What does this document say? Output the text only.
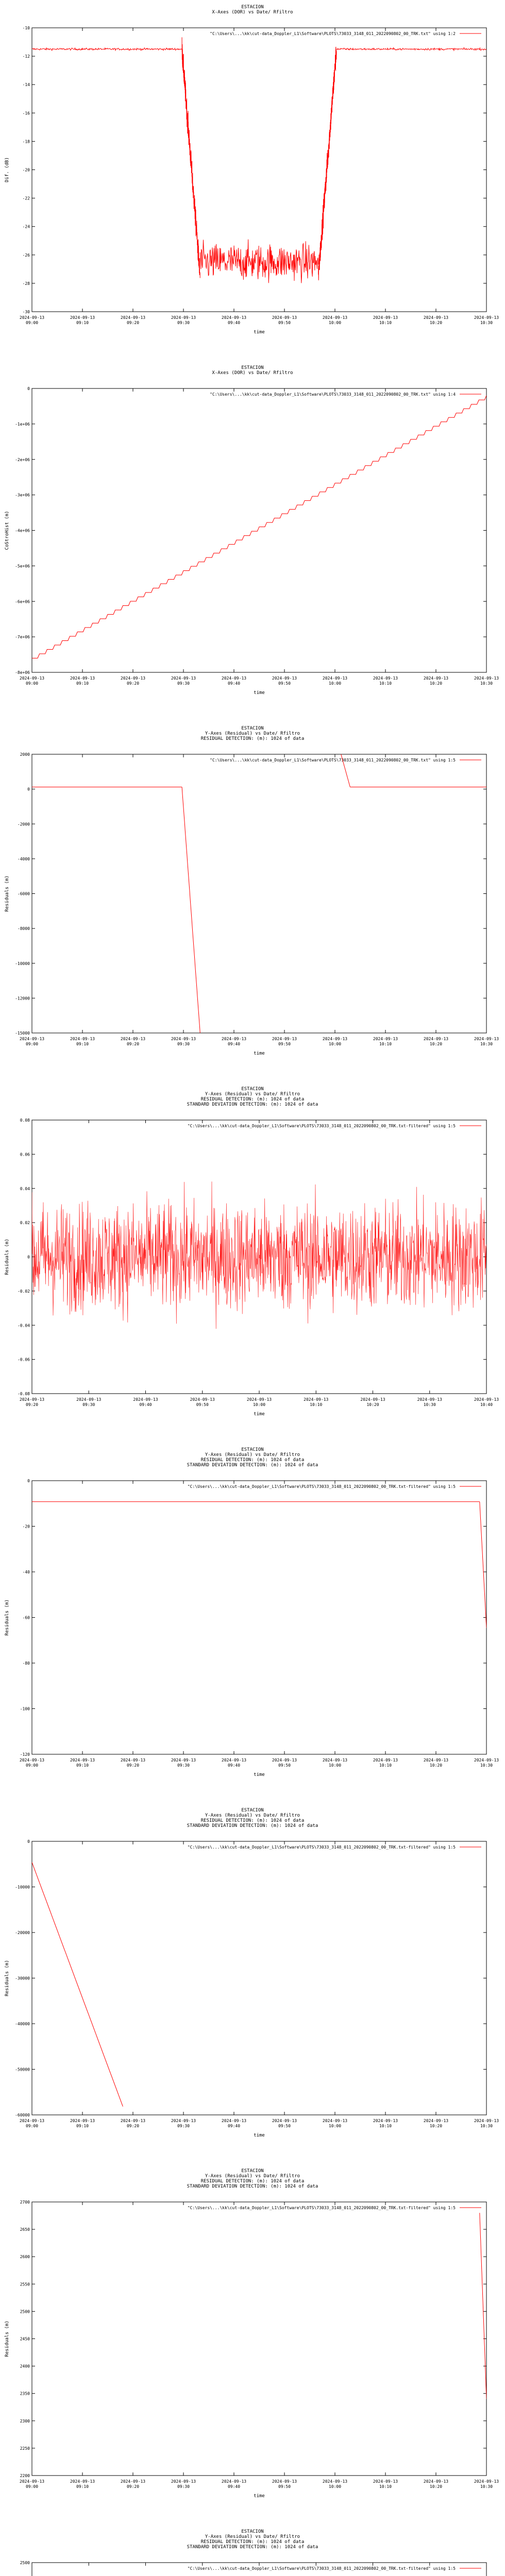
ESTACION
X-Axes (DOR) vs Date/ Rfiltro
-30
-28
-26
-24
-22
-20
-18
-16
-14
-12
-10
2024-09-13
09:00
2024-09-13
09:10
2024-09-13
09:20
2024-09-13
09:30
2024-09-13
09:40
2024-09-13
09:50
2024-09-13
10:00
2024-09-13
10:10
2024-09-13
10:20
2024-09-13
10:30
time
Dif. (dB)
"C:\Users\...\kk\cut-data_Doppler_L1\Software\PLOTS\73033_3148_011_2022090802_00_TRK.txt" using 1:2
ESTACION
X-Axes (DOR) vs Date/ Rfiltro
-8e+06
-7e+06
-6e+06
-5e+06
-4e+06
-3e+06
-2e+06
-1e+06
0
2024-09-13
09:00
2024-09-13
09:10
2024-09-13
09:20
2024-09-13
09:30
2024-09-13
09:40
2024-09-13
09:50
2024-09-13
10:00
2024-09-13
10:10
2024-09-13
10:20
2024-09-13
10:30
time
CoStroHist (m)
"C:\Users\...\kk\cut-data_Doppler_L1\Software\PLOTS\73033_3148_011_2022090802_00_TRK.txt" using 1:4
ESTACION
Y-Axes (Residual) vs Date/ Rfiltro
RESIDUAL DETECTION: (m): 1024 of data
-15000
-12000
-10000
-8000
-6000
-4000
-2000
0
2000
2024-09-13
09:00
2024-09-13
09:10
2024-09-13
09:20
2024-09-13
09:30
2024-09-13
09:40
2024-09-13
09:50
2024-09-13
10:00
2024-09-13
10:10
2024-09-13
10:20
2024-09-13
10:30
time
Residuals (m)
"C:\Users\...\kk\cut-data_Doppler_L1\Software\PLOTS\73033_3148_011_2022090802_00_TRK.txt" using 1:5
ESTACION
Y-Axes (Residual) vs Date/ Rfiltro
RESIDUAL DETECTION: (m): 1024 of data
STANDARD DEVIATION DETECTION: (m): 1024 of data
-0.08
-0.06
-0.04
-0.02
0
0.02
0.04
0.06
0.08
2024-09-13
09:20
2024-09-13
09:30
2024-09-13
09:40
2024-09-13
09:50
2024-09-13
10:00
2024-09-13
10:10
2024-09-13
10:20
2024-09-13
10:30
2024-09-13
10:40
time
Residuals (m)
"C:\Users\...\kk\cut-data_Doppler_L1\Software\PLOTS\73033_3148_011_2022090802_00_TRK.txt-filtered" using 1:5
ESTACION
Y-Axes (Residual) vs Date/ Rfiltro
RESIDUAL DETECTION: (m): 1024 of data
STANDARD DEVIATION DETECTION: (m): 1024 of data
-120
-100
-80
-60
-40
-20
0
2024-09-13
09:00
2024-09-13
09:10
2024-09-13
09:20
2024-09-13
09:30
2024-09-13
09:40
2024-09-13
09:50
2024-09-13
10:00
2024-09-13
10:10
2024-09-13
10:20
2024-09-13
10:30
time
Residuals (m)
"C:\Users\...\kk\cut-data_Doppler_L1\Software\PLOTS\73033_3148_011_2022090802_00_TRK.txt-filtered" using 1:5
ESTACION
Y-Axes (Residual) vs Date/ Rfiltro
RESIDUAL DETECTION: (m): 1024 of data
STANDARD DEVIATION DETECTION: (m): 1024 of data
-60000
-50000
-40000
-30000
-20000
-10000
0
2024-09-13
09:00
2024-09-13
09:10
2024-09-13
09:20
2024-09-13
09:30
2024-09-13
09:40
2024-09-13
09:50
2024-09-13
10:00
2024-09-13
10:10
2024-09-13
10:20
2024-09-13
10:30
time
Residuals (m)
"C:\Users\...\kk\cut-data_Doppler_L1\Software\PLOTS\73033_3148_011_2022090802_00_TRK.txt-filtered" using 1:5
ESTACION
Y-Axes (Residual) vs Date/ Rfiltro
RESIDUAL DETECTION: (m): 1024 of data
STANDARD DEVIATION DETECTION: (m): 1024 of data
2200
2250
2300
2350
2400
2450
2500
2550
2600
2650
2700
2024-09-13
09:00
2024-09-13
09:10
2024-09-13
09:20
2024-09-13
09:30
2024-09-13
09:40
2024-09-13
09:50
2024-09-13
10:00
2024-09-13
10:10
2024-09-13
10:20
2024-09-13
10:30
time
Residuals (m)
"C:\Users\...\kk\cut-data_Doppler_L1\Software\PLOTS\73033_3148_011_2022090802_00_TRK.txt-filtered" using 1:5
ESTACION
Y-Axes (Residual) vs Date/ Rfiltro
RESIDUAL DETECTION: (m): 1024 of data
STANDARD DEVIATION DETECTION: (m): 1024 of data
2500
"C:\Users\...\kk\cut-data_Doppler_L1\Software\PLOTS\73033_3148_011_2022090802_00_TRK.txt-filtered" using 1:5
